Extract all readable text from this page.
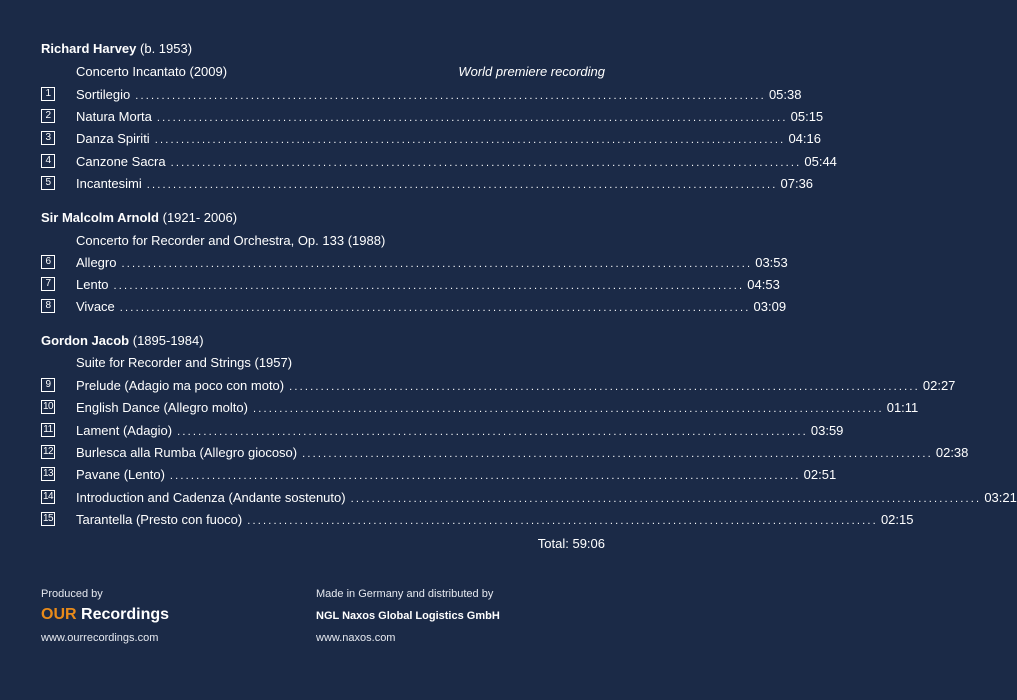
Richard Harvey (b. 1953)
Concerto Incantato (2009)	World premiere recording
1	Sortilegio ........................................................................................................................ 05:38
2	Natura Morta ........................................................................................................................ 05:15
3	Danza Spiriti ........................................................................................................................ 04:16
4	Canzone Sacra ........................................................................................................................ 05:44
5	Incantesimi ........................................................................................................................ 07:36
Sir Malcolm Arnold (1921- 2006)
Concerto for Recorder and Orchestra, Op. 133 (1988)
6	Allegro ........................................................................................................................ 03:53
7	Lento ........................................................................................................................ 04:53
8	Vivace ........................................................................................................................ 03:09
Gordon Jacob (1895-1984)
Suite for Recorder and Strings (1957)
9	Prelude (Adagio ma poco con moto) ........................................................................................................................ 02:27
10 English Dance (Allegro molto) ........................................................................................................................ 01:11
11 Lament (Adagio) ........................................................................................................................ 03:59
12 Burlesca alla Rumba (Allegro giocoso) ........................................................................................................................ 02:38
13 Pavane (Lento) ........................................................................................................................ 02:51
14 Introduction and Cadenza (Andante sostenuto) ........................................................................................................................ 03:21
15 Tarantella (Presto con fuoco) ........................................................................................................................ 02:15
Total: 59:06
Produced by
OUR Recordings
www.ourrecordings.com
Made in Germany and distributed by
NGL Naxos Global Logistics GmbH
www.naxos.com
